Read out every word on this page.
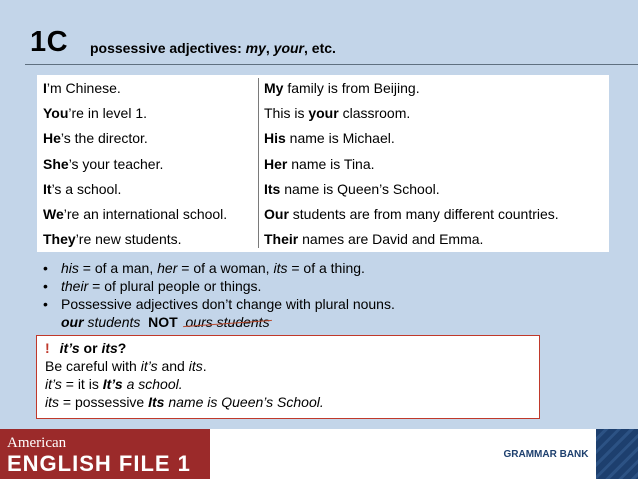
1C possessive adjectives: my, your, etc.
I’m Chinese.	My family is from Beijing.
You’re in level 1.	This is your classroom.
He’s the director.	His name is Michael.
She’s your teacher.	Her name is Tina.
It’s a school.	Its name is Queen’s School.
We’re an international school.	Our students are from many different countries.
They’re new students.	Their names are David and Emma.
• his = of a man, her = of a woman, its = of a thing.
• their = of plural people or things.
• Possessive adjectives don’t change with plural nouns.
our students NOT ours students
! it’s or its?
Be careful with it’s and its.
it’s = it is It’s a school.
its = possessive Its name is Queen’s School.
American
ENGLISH FILE 1	GRAMMAR BANK
